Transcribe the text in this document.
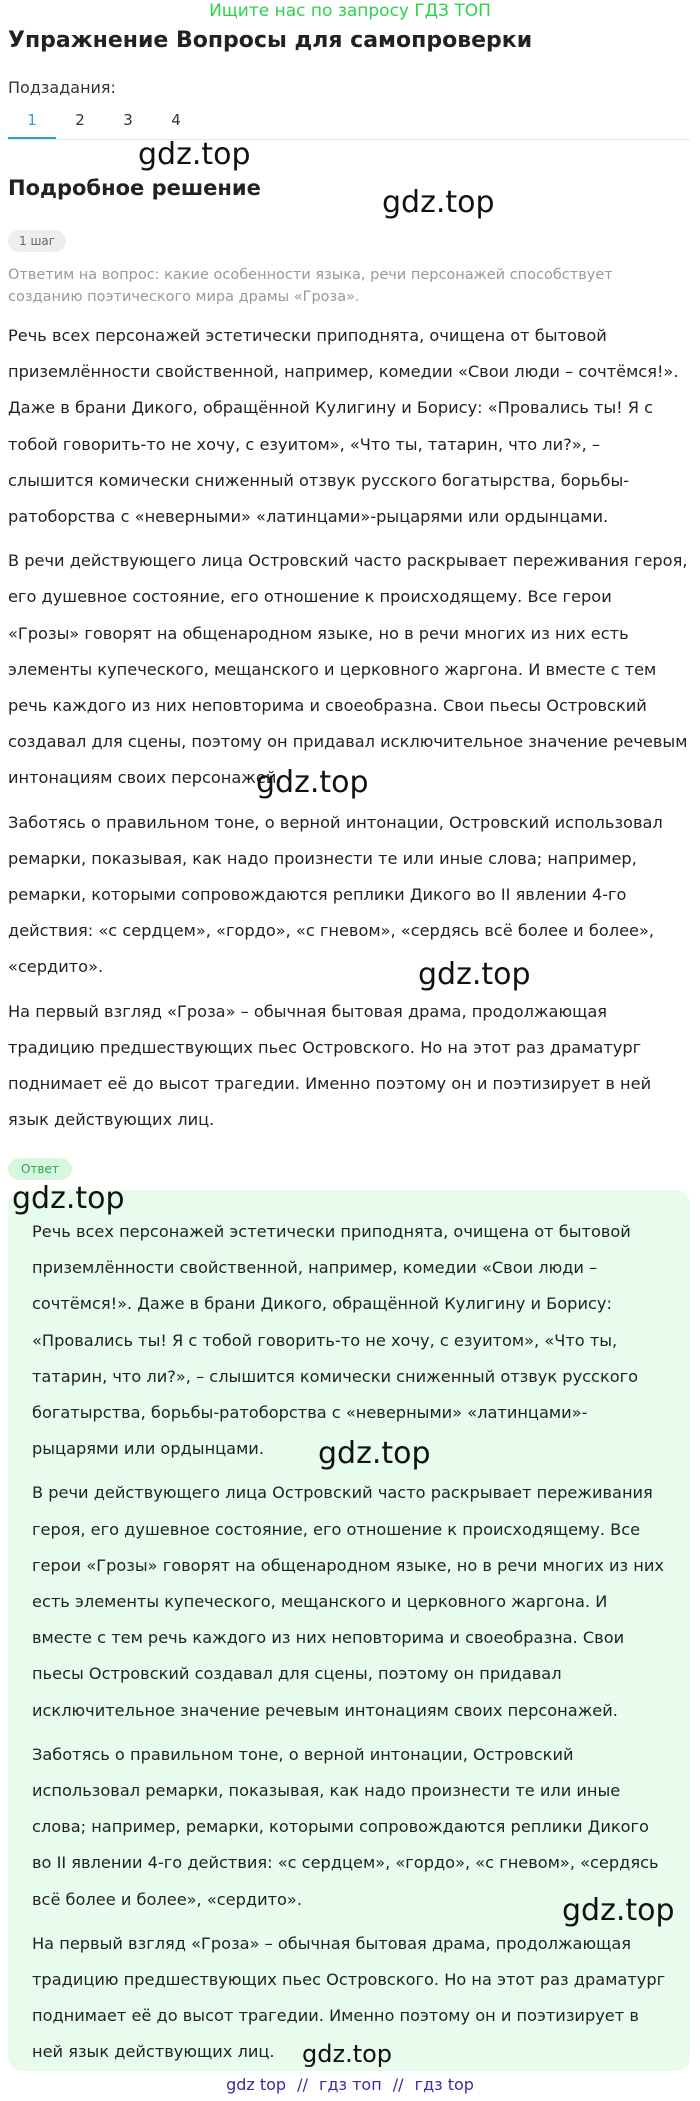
Ищите нас по запросу ГДЗ ТОП
Упражнение Вопросы для самопроверки
Подзадания:
1	2	3	4
Подробное решение
1 шаг
Ответим на вопрос: какие особенности языка, речи персонажей способствует созданию поэтического мира драмы «Гроза».

Речь всех персонажей эстетически приподнята, очищена от бытовой приземлённости свойственной, например, комедии «Свои люди – сочтёмся!». Даже в брани Дикого, обращённой Кулигину и Борису: «Провались ты! Я с тобой говорить-то не хочу, с езуитом», «Что ты, татарин, что ли?», – слышится комически сниженный отзвук русского богатырства, борьбы-ратоборства с «неверными» «латинцами»-рыцарями или ордынцами.

В речи действующего лица Островский часто раскрывает переживания героя, его душевное состояние, его отношение к происходящему. Все герои «Грозы» говорят на общенародном языке, но в речи многих из них есть элементы купеческого, мещанского и церковного жаргона. И вместе с тем речь каждого из них неповторима и своеобразна. Свои пьесы Островский создавал для сцены, поэтому он придавал исключительное значение речевым интонациям своих персонажей.

Заботясь о правильном тоне, о верной интонации, Островский использовал ремарки, показывая, как надо произнести те или иные слова; например, ремарки, которыми сопровождаются реплики Дикого во II явлении 4-го действия: «с сердцем», «гордо», «с гневом», «сердясь всё более и более», «сердито».

На первый взгляд «Гроза» – обычная бытовая драма, продолжающая традицию предшествующих пьес Островского. Но на этот раз драматург поднимает её до высот трагедии. Именно поэтому он и поэтизирует в ней язык действующих лиц.

Ответ

Речь всех персонажей эстетически приподнята, очищена от бытовой приземлённости свойственной, например, комедии «Свои люди – сочтёмся!». Даже в брани Дикого, обращённой Кулигину и Борису: «Провались ты! Я с тобой говорить-то не хочу, с езуитом», «Что ты, татарин, что ли?», – слышится комически сниженный отзвук русского богатырства, борьбы-ратоборства с «неверными» «латинцами»-рыцарями или ордынцами.

В речи действующего лица Островский часто раскрывает переживания героя, его душевное состояние, его отношение к происходящему. Все герои «Грозы» говорят на общенародном языке, но в речи многих из них есть элементы купеческого, мещанского и церковного жаргона. И вместе с тем речь каждого из них неповторима и своеобразна. Свои пьесы Островский создавал для сцены, поэтому он придавал исключительное значение речевым интонациям своих персонажей.

Заботясь о правильном тоне, о верной интонации, Островский использовал ремарки, показывая, как надо произнести те или иные слова; например, ремарки, которыми сопровождаются реплики Дикого во II явлении 4-го действия: «с сердцем», «гордо», «с гневом», «сердясь всё более и более», «сердито».

На первый взгляд «Гроза» – обычная бытовая драма, продолжающая традицию предшествующих пьес Островского. Но на этот раз драматург поднимает её до высот трагедии. Именно поэтому он и поэтизирует в ней язык действующих лиц.

gdz.top
gdz.top
gdz.top
gdz.top
gdz.top
gdz.top
gdz.top
gdz.top
gdz top // гдз топ // гдз top
